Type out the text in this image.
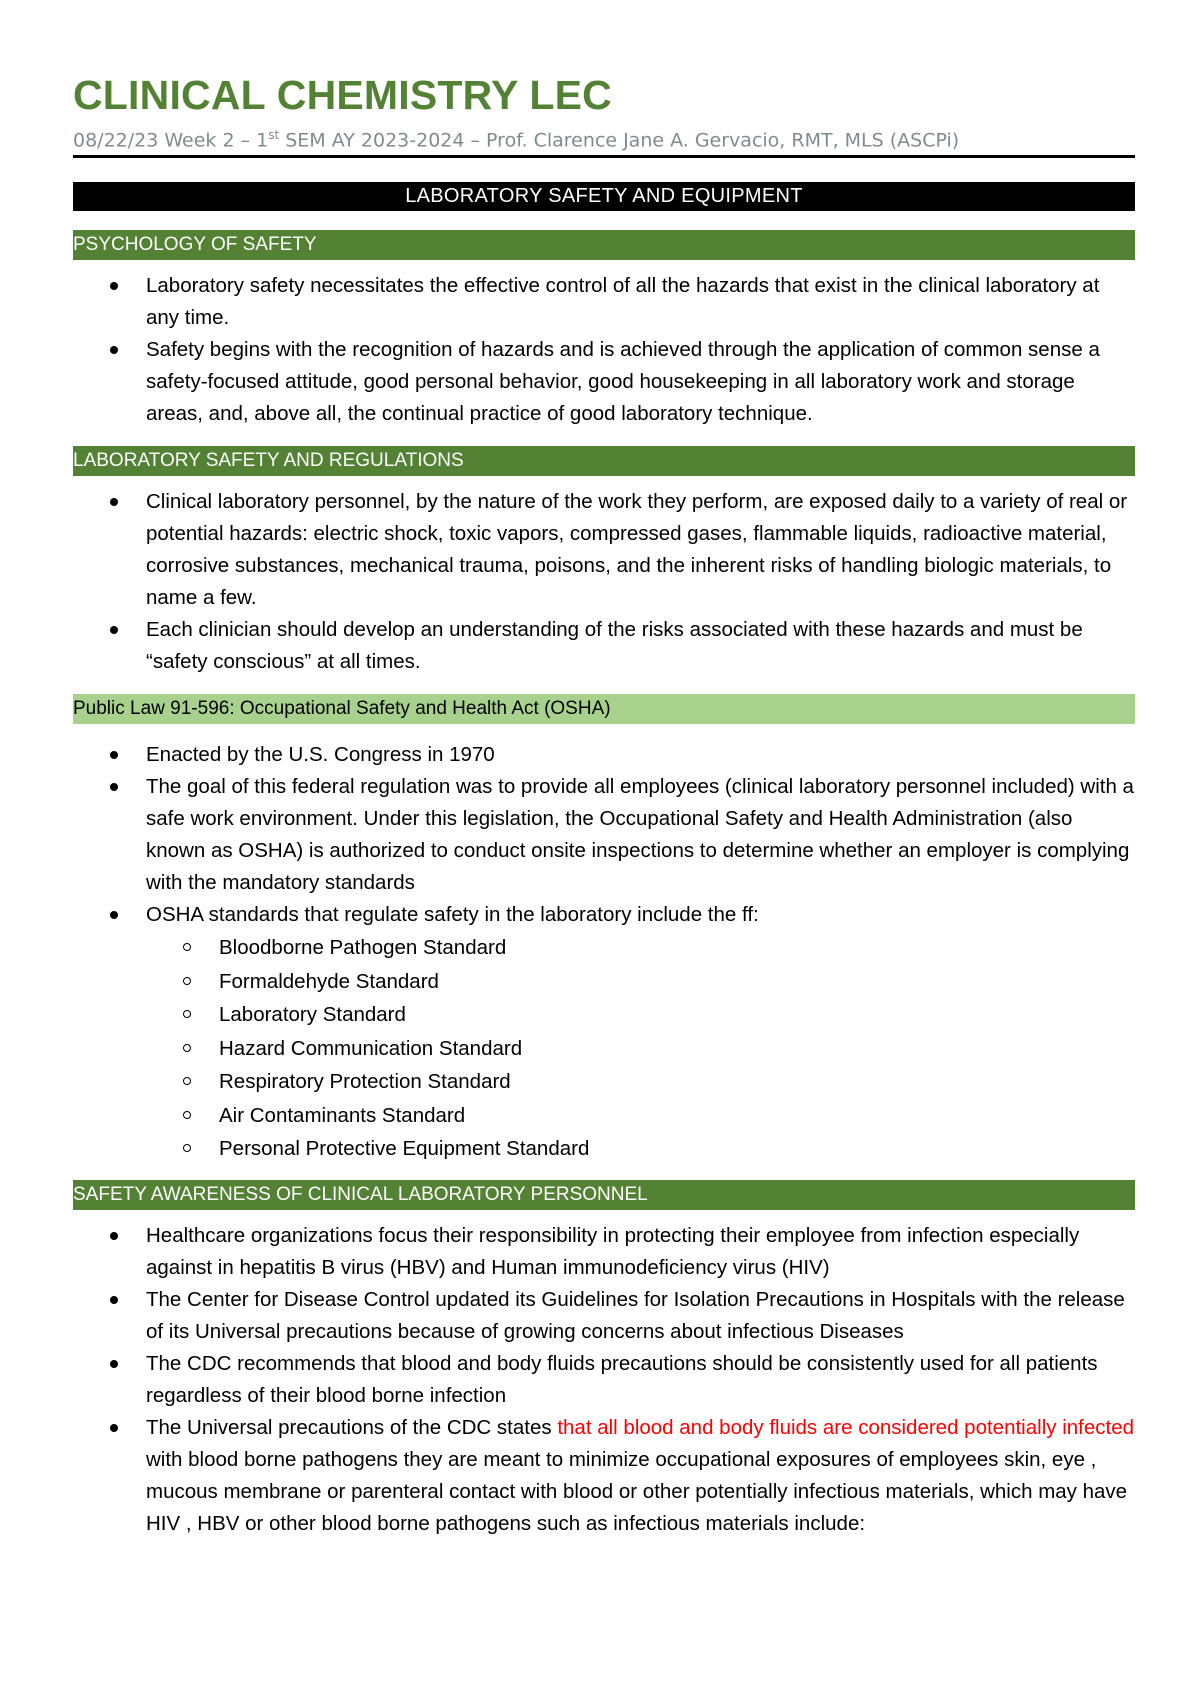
CLINICAL CHEMISTRY LEC
08/22/23 Week 2 – 1st SEM AY 2023-2024 – Prof. Clarence Jane A. Gervacio, RMT, MLS (ASCPi)
LABORATORY SAFETY AND EQUIPMENT
PSYCHOLOGY OF SAFETY
Laboratory safety necessitates the effective control of all the hazards that exist in the clinical laboratory at any time.
Safety begins with the recognition of hazards and is achieved through the application of common sense a safety-focused attitude, good personal behavior, good housekeeping in all laboratory work and storage areas, and, above all, the continual practice of good laboratory technique.
LABORATORY SAFETY AND REGULATIONS
Clinical laboratory personnel, by the nature of the work they perform, are exposed daily to a variety of real or potential hazards: electric shock, toxic vapors, compressed gases, flammable liquids, radioactive material, corrosive substances, mechanical trauma, poisons, and the inherent risks of handling biologic materials, to name a few.
Each clinician should develop an understanding of the risks associated with these hazards and must be “safety conscious” at all times.
Public Law 91-596: Occupational Safety and Health Act (OSHA)
Enacted by the U.S. Congress in 1970
The goal of this federal regulation was to provide all employees (clinical laboratory personnel included) with a safe work environment. Under this legislation, the Occupational Safety and Health Administration (also known as OSHA) is authorized to conduct onsite inspections to determine whether an employer is complying with the mandatory standards
OSHA standards that regulate safety in the laboratory include the ff:
Bloodborne Pathogen Standard
Formaldehyde Standard
Laboratory Standard
Hazard Communication Standard
Respiratory Protection Standard
Air Contaminants Standard
Personal Protective Equipment Standard
SAFETY AWARENESS OF CLINICAL LABORATORY PERSONNEL
Healthcare organizations focus their responsibility in protecting their employee from infection especially against in hepatitis B virus (HBV) and Human immunodeficiency virus (HIV)
The Center for Disease Control updated its Guidelines for Isolation Precautions in Hospitals with the release of its Universal precautions because of growing concerns about infectious Diseases
The CDC recommends that blood and body fluids precautions should be consistently used for all patients regardless of their blood borne infection
The Universal precautions of the CDC states that all blood and body fluids are considered potentially infected with blood borne pathogens they are meant to minimize occupational exposures of employees skin, eye , mucous membrane or parenteral contact with blood or other potentially infectious materials, which may have HIV , HBV or other blood borne pathogens such as infectious materials include:
